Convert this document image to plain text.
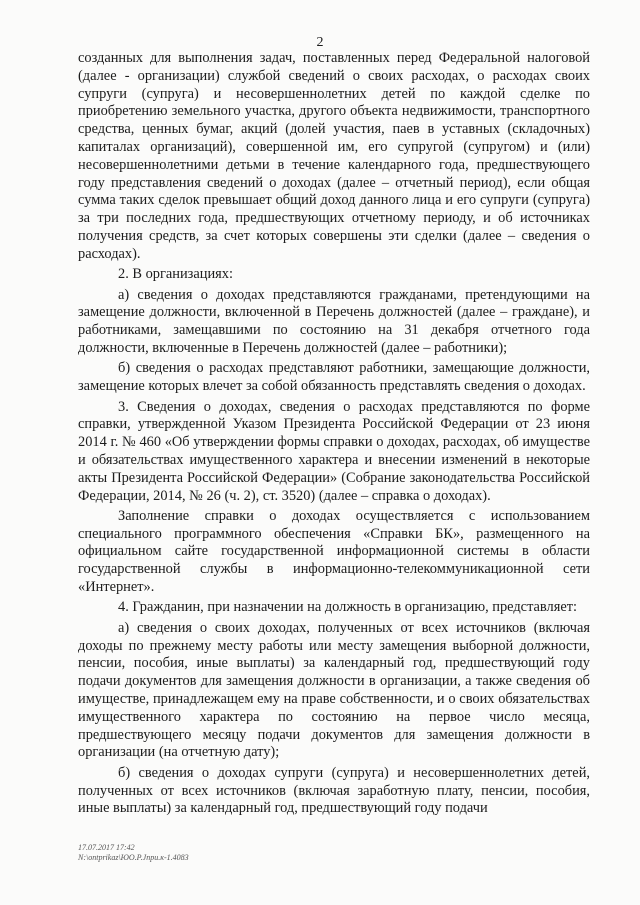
2

созданных для выполнения задач, поставленных перед Федеральной налоговой (далее - организации) службой сведений о своих расходах, о расходах своих супруги (супруга) и несовершеннолетних детей по каждой сделке по приобретению земельного участка, другого объекта недвижимости, транспортного средства, ценных бумаг, акций (долей участия, паев в уставных (складочных) капиталах организаций), совершенной им, его супругой (супругом) и (или) несовершеннолетними детьми в течение календарного года, предшествующего году представления сведений о доходах (далее – отчетный период), если общая сумма таких сделок превышает общий доход данного лица и его супруги (супруга) за три последних года, предшествующих отчетному периоду, и об источниках получения средств, за счет которых совершены эти сделки (далее – сведения о расходах).

2. В организациях:

а) сведения о доходах представляются гражданами, претендующими на замещение должности, включенной в Перечень должностей (далее – граждане), и работниками, замещавшими по состоянию на 31 декабря отчетного года должности, включенные в Перечень должностей (далее – работники);

б) сведения о расходах представляют работники, замещающие должности, замещение которых влечет за собой обязанность представлять сведения о доходах.

3. Сведения о доходах, сведения о расходах представляются по форме справки, утвержденной Указом Президента Российской Федерации от 23 июня 2014 г. № 460 «Об утверждении формы справки о доходах, расходах, об имуществе и обязательствах имущественного характера и внесении изменений в некоторые акты Президента Российской Федерации» (Собрание законодательства Российской Федерации, 2014, № 26 (ч. 2), ст. 3520) (далее – справка о доходах).

Заполнение справки о доходах осуществляется с использованием специального программного обеспечения «Справки БК», размещенного на официальном сайте государственной информационной системы в области государственной службы в информационно-телекоммуникационной сети «Интернет».

4. Гражданин, при назначении на должность в организацию, представляет:

а) сведения о своих доходах, полученных от всех источников (включая доходы по прежнему месту работы или месту замещения выборной должности, пенсии, пособия, иные выплаты) за календарный год, предшествующий году подачи документов для замещения должности в организации, а также сведения об имуществе, принадлежащем ему на праве собственности, и о своих обязательствах имущественного характера по состоянию на первое число месяца, предшествующего месяцу подачи документов для замещения должности в организации (на отчетную дату);

б) сведения о доходах супруги (супруга) и несовершеннолетних детей, полученных от всех источников (включая заработную плату, пенсии, пособия, иные выплаты) за календарный год, предшествующий году подачи

17.07.2017 17:42
N:\ontprikaz\ЮО.Р.Jnpu.к-1.4083
